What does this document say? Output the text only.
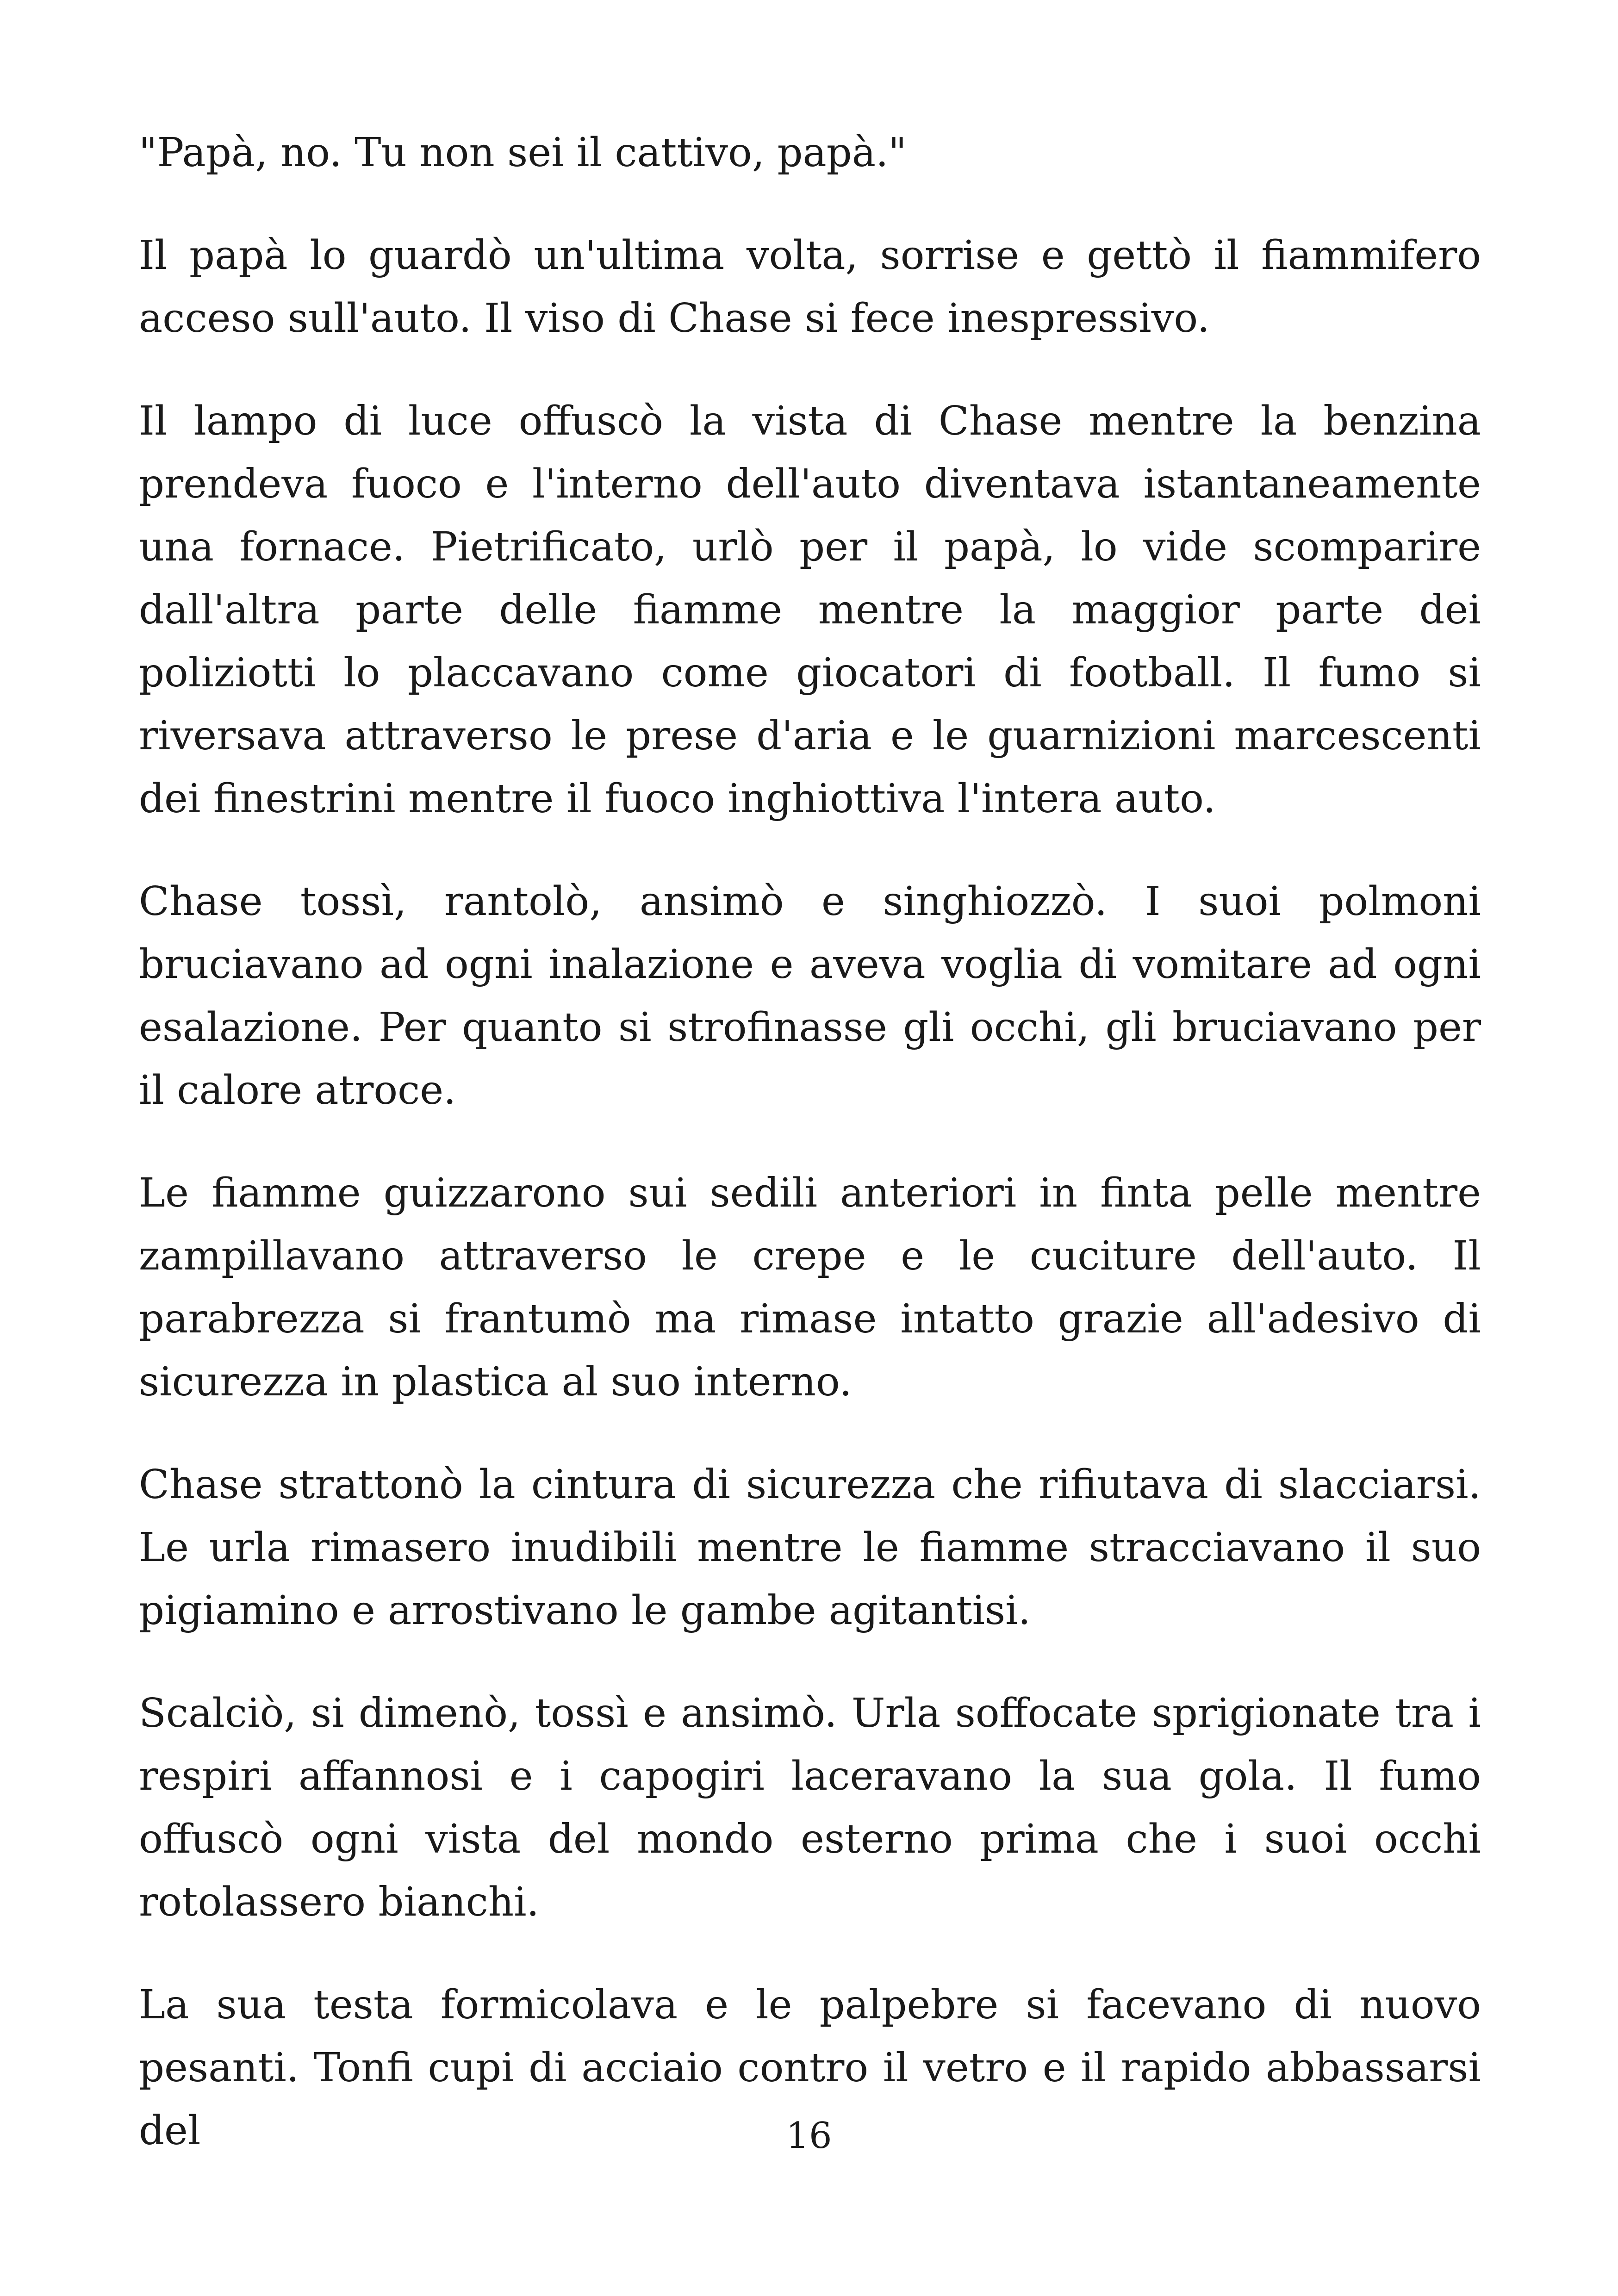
"Papà, no. Tu non sei il cattivo, papà."

Il papà lo guardò un'ultima volta, sorrise e gettò il fiammifero acceso sull'auto. Il viso di Chase si fece inespressivo.

Il lampo di luce offuscò la vista di Chase mentre la benzina prendeva fuoco e l'interno dell'auto diventava istantaneamente una fornace. Pietrificato, urlò per il papà, lo vide scomparire dall'altra parte delle fiamme mentre la maggior parte dei poliziotti lo placcavano come giocatori di football. Il fumo si riversava attraverso le prese d'aria e le guarnizioni marcescenti dei finestrini mentre il fuoco inghiottiva l'intera auto.

Chase tossì, rantolò, ansimò e singhiozzò. I suoi polmoni bruciavano ad ogni inalazione e aveva voglia di vomitare ad ogni esalazione. Per quanto si strofinasse gli occhi, gli bruciavano per il calore atroce.

Le fiamme guizzarono sui sedili anteriori in finta pelle mentre zampillavano attraverso le crepe e le cuciture dell'auto. Il parabrezza si frantumò ma rimase intatto grazie all'adesivo di sicurezza in plastica al suo interno.

Chase strattonò la cintura di sicurezza che rifiutava di slacciarsi. Le urla rimasero inudibili mentre le fiamme stracciavano il suo pigiamino e arrostivano le gambe agitantisi.

Scalciò, si dimenò, tossì e ansimò. Urla soffocate sprigionate tra i respiri affannosi e i capogiri laceravano la sua gola. Il fumo offuscò ogni vista del mondo esterno prima che i suoi occhi rotolassero bianchi.

La sua testa formicolava e le palpebre si facevano di nuovo pesanti. Tonfi cupi di acciaio contro il vetro e il rapido abbassarsi del	16
